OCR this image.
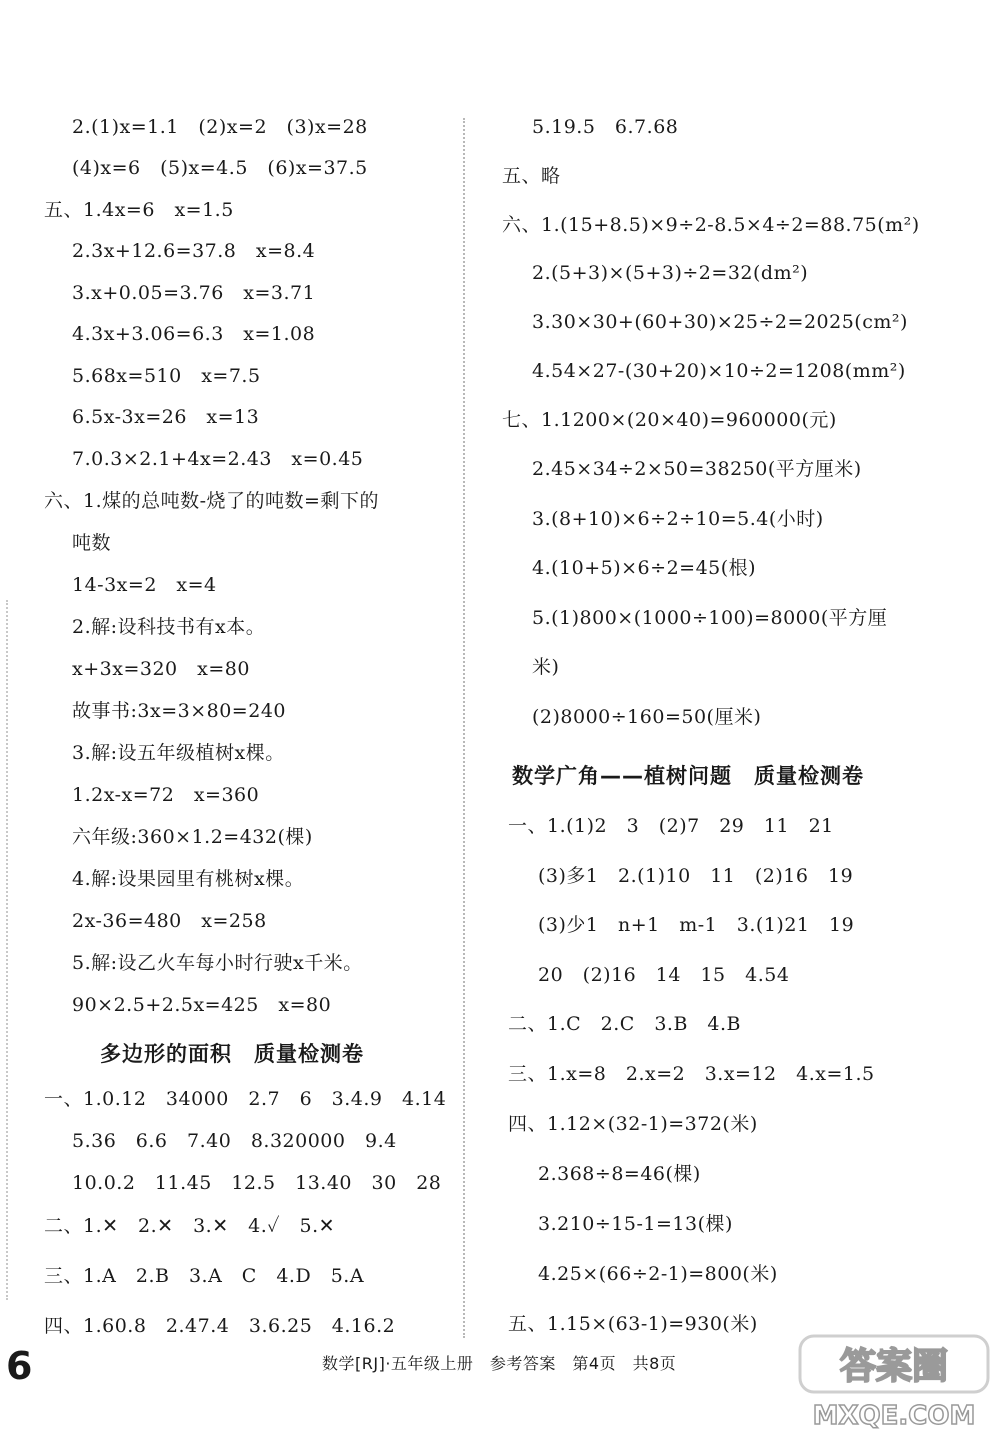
2.(1)x=1.1　(2)x=2　(3)x=28
(4)x=6　(5)x=4.5　(6)x=37.5
五、1.4x=6　x=1.5
2.3x+12.6=37.8　x=8.4
3.x+0.05=3.76　x=3.71
4.3x+3.06=6.3　x=1.08
5.68x=510　x=7.5
6.5x-3x=26　x=13
7.0.3×2.1+4x=2.43　x=0.45
六、1.煤的总吨数-烧了的吨数=剩下的
吨数
14-3x=2　x=4
2.解:设科技书有x本。
x+3x=320　x=80
故事书:3x=3×80=240
3.解:设五年级植树x棵。
1.2x-x=72　x=360
六年级:360×1.2=432(棵)
4.解:设果园里有桃树x棵。
2x-36=480　x=258
5.解:设乙火车每小时行驶x千米。
90×2.5+2.5x=425　x=80
多边形的面积　质量检测卷
一、1.0.12　34000　2.7　6　3.4.9　4.14
5.36　6.6　7.40　8.320000　9.4
10.0.2　11.45　12.5　13.40　30　28
二、1.✕　2.✕　3.✕　4.✓　5.✕
三、1.A　2.B　3.A　C　4.D　5.A
四、1.60.8　2.47.4　3.6.25　4.16.2
5.19.5　6.7.68
五、略
六、1.(15+8.5)×9÷2-8.5×4÷2=88.75(m²)
2.(5+3)×(5+3)÷2=32(dm²)
3.30×30+(60+30)×25÷2=2025(cm²)
4.54×27-(30+20)×10÷2=1208(mm²)
七、1.1200×(20×40)=960000(元)
2.45×34÷2×50=38250(平方厘米)
3.(8+10)×6÷2÷10=5.4(小时)
4.(10+5)×6÷2=45(根)
5.(1)800×(1000÷100)=8000(平方厘
米)
(2)8000÷160=50(厘米)
数学广角——植树问题　质量检测卷
一、1.(1)2　3　(2)7　29　11　21
(3)多1　2.(1)10　11　(2)16　19
(3)少1　n+1　m-1　3.(1)21　19
20　(2)16　14　15　4.54
二、1.C　2.C　3.B　4.B
三、1.x=8　2.x=2　3.x=12　4.x=1.5
四、1.12×(32-1)=372(米)
2.368÷8=46(棵)
3.210÷15-1=13(棵)
4.25×(66÷2-1)=800(米)
五、1.15×(63-1)=930(米)
6	数学[RJ]·五年级上册　参考答案　第4页　共8页	答案圈
MXQE.COM
